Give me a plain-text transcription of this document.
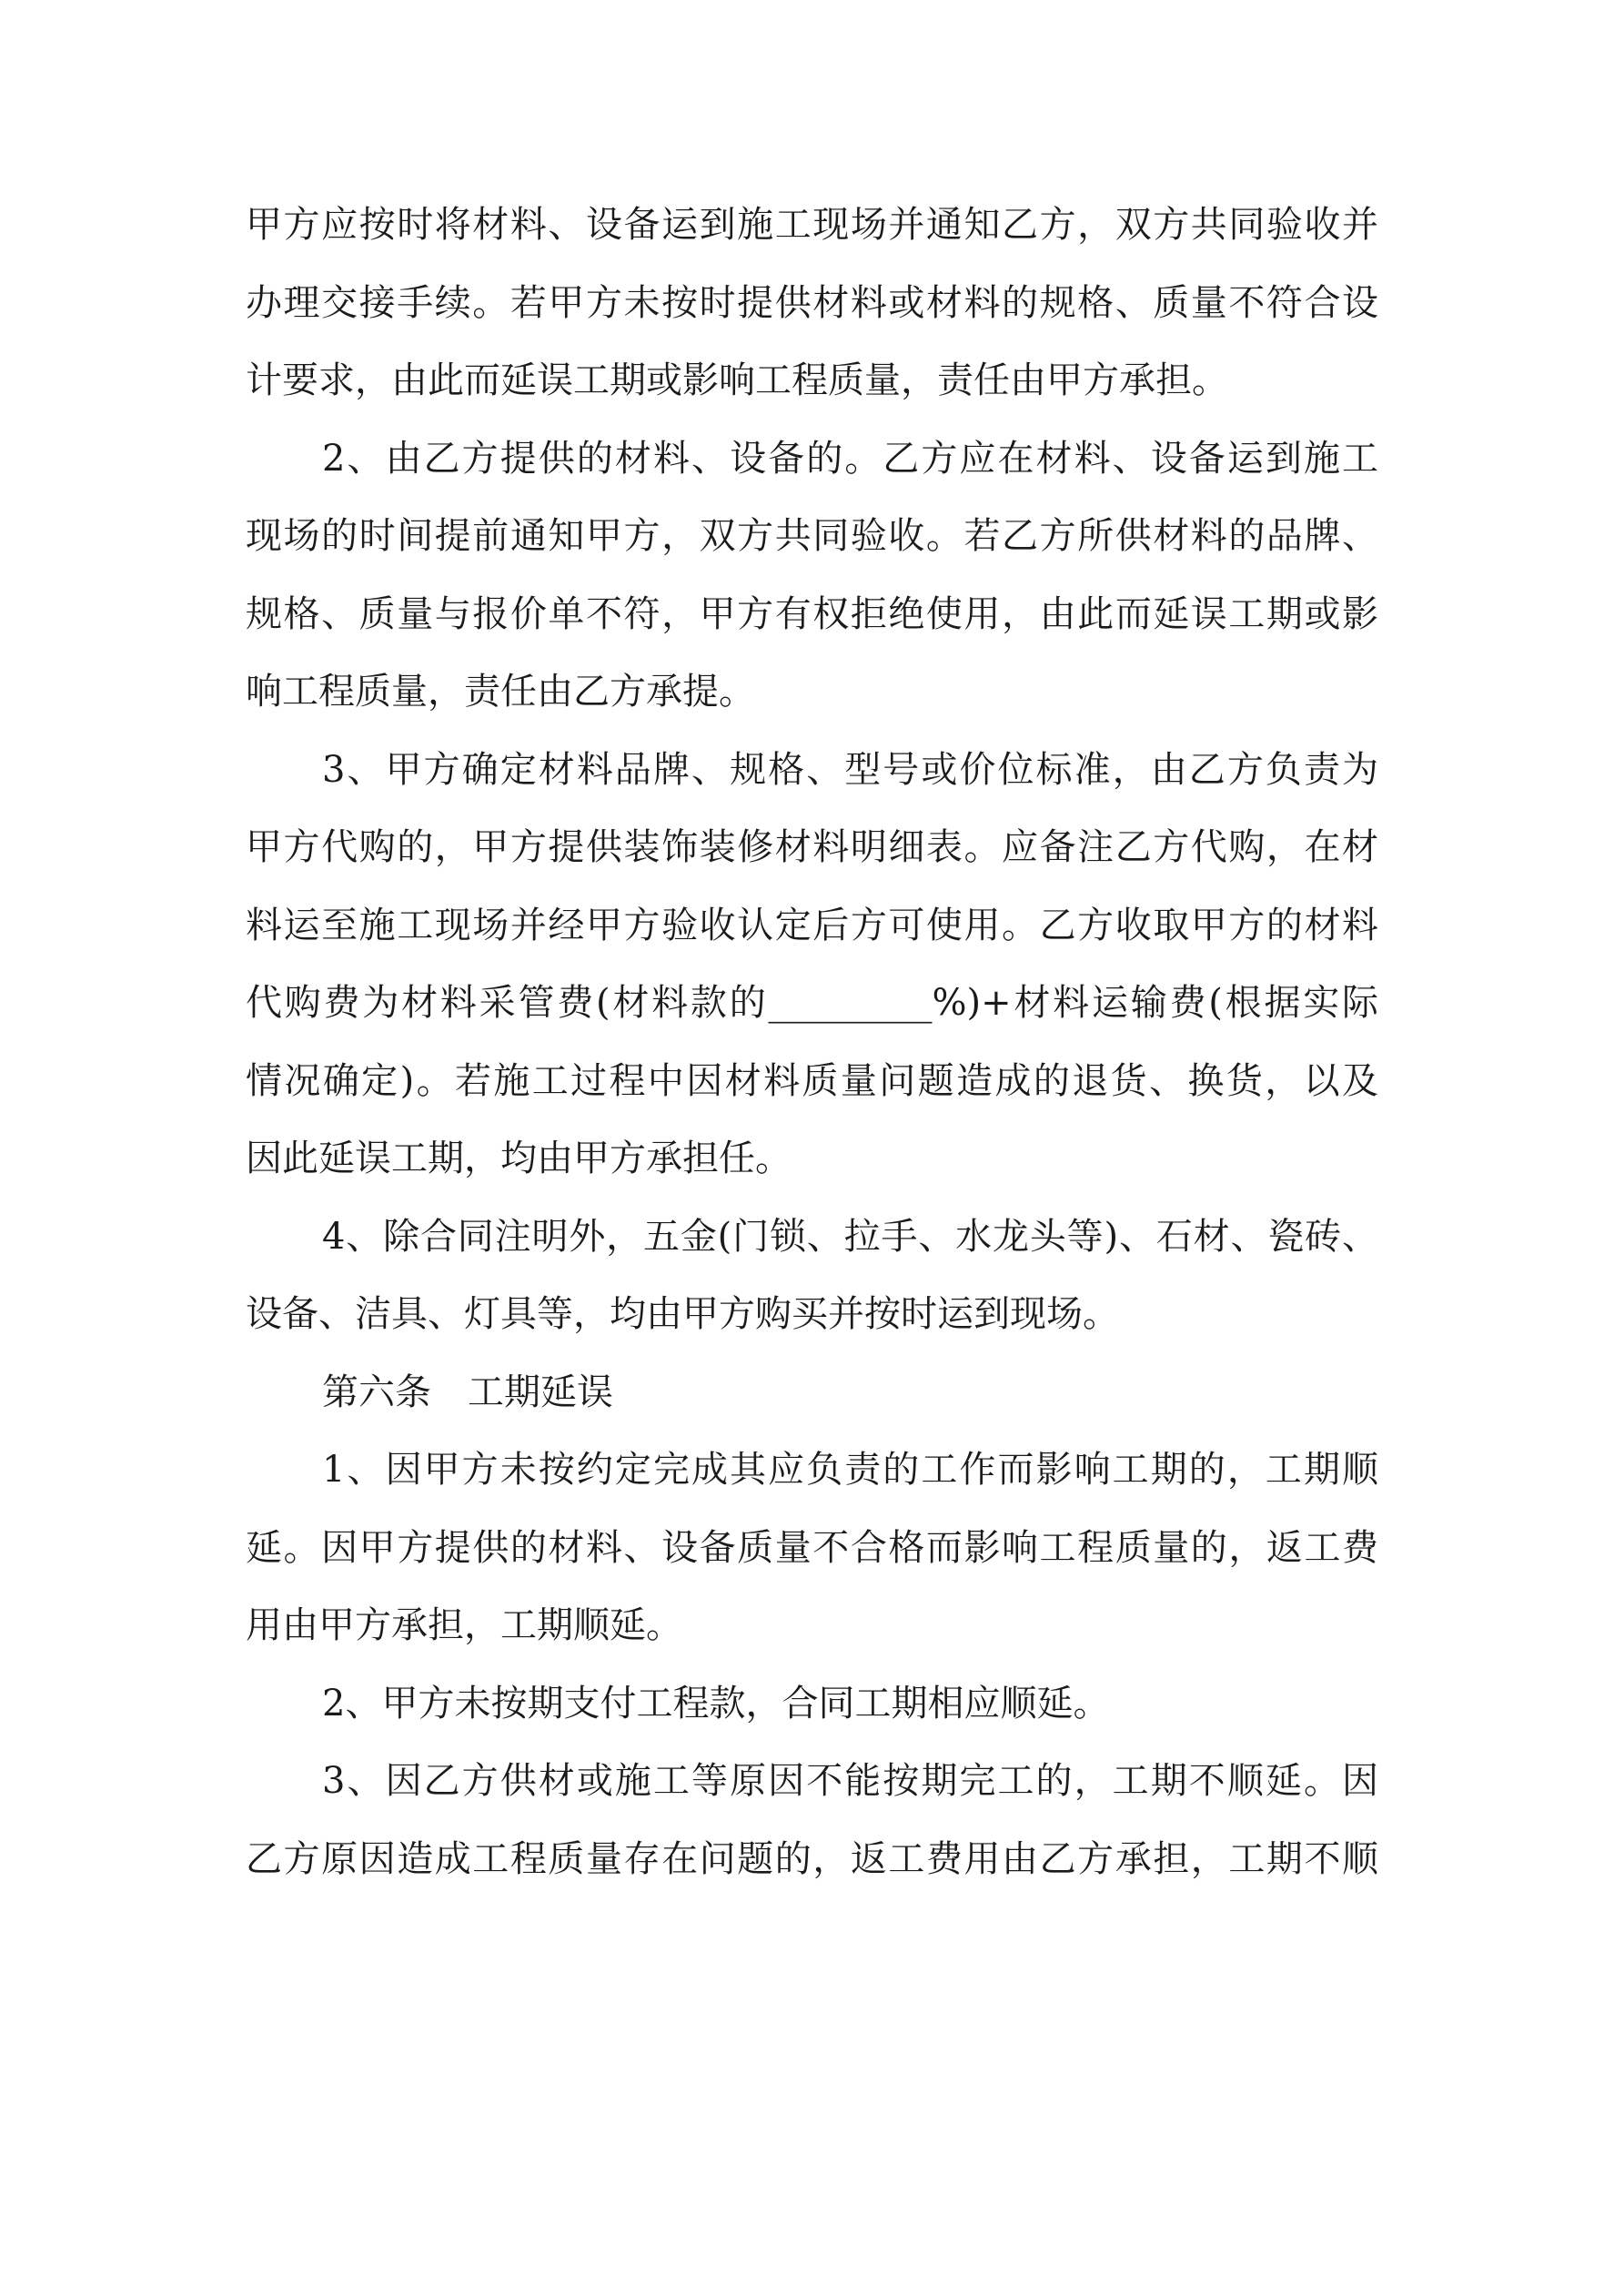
甲方应按时将材料、设备运到施工现场并通知乙方，双方共同验收并
办理交接手续。若甲方未按时提供材料或材料的规格、质量不符合设
计要求，由此而延误工期或影响工程质量，责任由甲方承担。
2、由乙方提供的材料、设备的。乙方应在材料、设备运到施工
现场的时间提前通知甲方，双方共同验收。若乙方所供材料的品牌、
规格、质量与报价单不符，甲方有权拒绝使用，由此而延误工期或影
响工程质量，责任由乙方承提。
3、甲方确定材料品牌、规格、型号或价位标准，由乙方负责为
甲方代购的，甲方提供装饰装修材料明细表。应备注乙方代购，在材
料运至施工现场并经甲方验收认定后方可使用。乙方收取甲方的材料
代购费为材料采管费(材料款的_________%)+材料运输费(根据实际
情况确定)。若施工过程中因材料质量问题造成的退货、换货，以及
因此延误工期，均由甲方承担任。
4、除合同注明外，五金(门锁、拉手、水龙头等)、石材、瓷砖、
设备、洁具、灯具等，均由甲方购买并按时运到现场。
第六条　工期延误
1、因甲方未按约定完成其应负责的工作而影响工期的，工期顺
延。因甲方提供的材料、设备质量不合格而影响工程质量的，返工费
用由甲方承担，工期顺延。
2、甲方未按期支付工程款，合同工期相应顺延。
3、因乙方供材或施工等原因不能按期完工的，工期不顺延。因
乙方原因造成工程质量存在问题的，返工费用由乙方承担，工期不顺
